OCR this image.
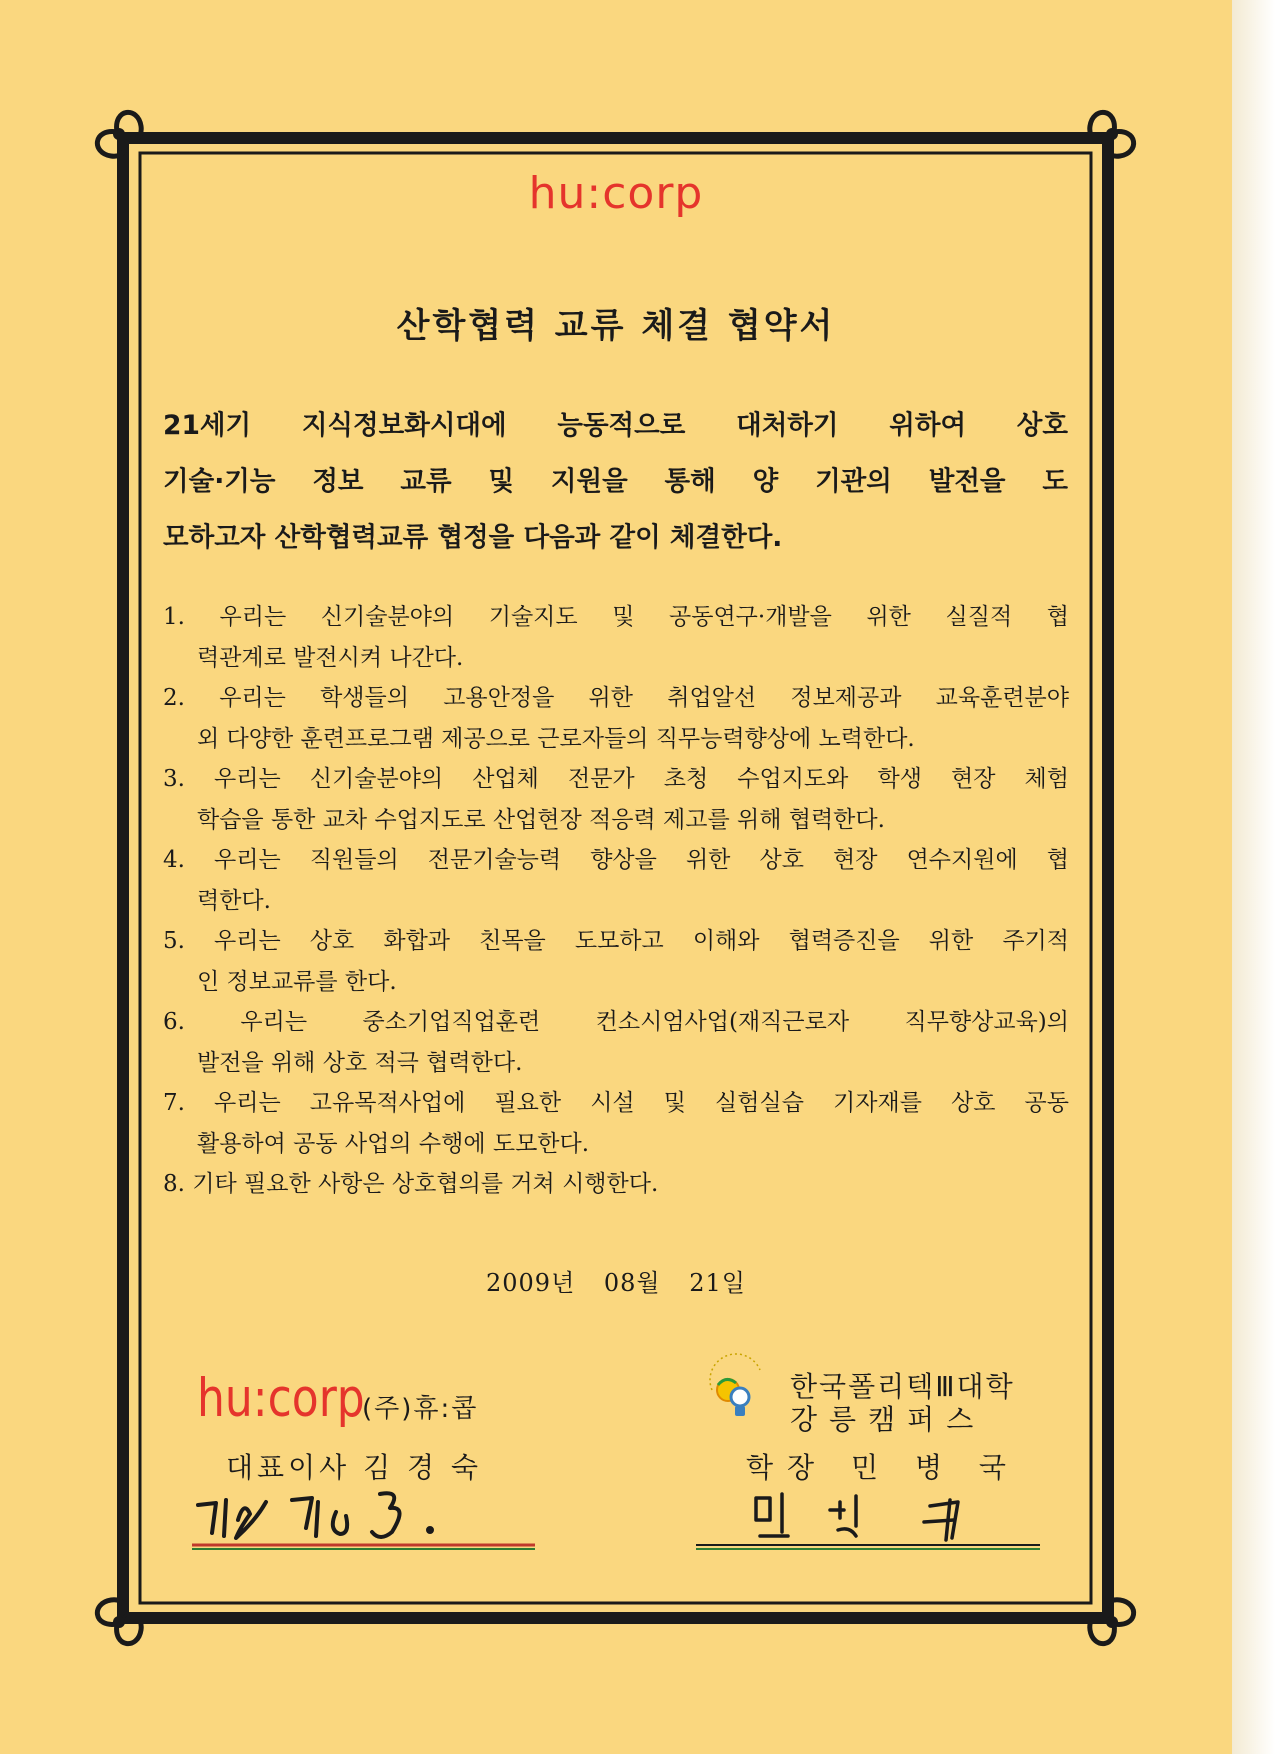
hu:corp
산학협력 교류 체결 협약서
21세기 지식정보화시대에 능동적으로 대처하기 위하여 상호
기술·기능 정보 교류 및 지원을 통해 양 기관의 발전을 도
모하고자 산학협력교류 협정을 다음과 같이 체결한다.
1. 우리는 신기술분야의 기술지도 및 공동연구·개발을 위한 실질적 협
력관계로 발전시켜 나간다.
2. 우리는 학생들의 고용안정을 위한 취업알선 정보제공과 교육훈련분야
외 다양한 훈련프로그램 제공으로 근로자들의 직무능력향상에 노력한다.
3. 우리는 신기술분야의 산업체 전문가 초청 수업지도와 학생 현장 체험
학습을 통한 교차 수업지도로 산업현장 적응력 제고를 위해 협력한다.
4. 우리는 직원들의 전문기술능력 향상을 위한 상호 현장 연수지원에 협
력한다.
5. 우리는 상호 화합과 친목을 도모하고 이해와 협력증진을 위한 주기적
인 정보교류를 한다.
6. 우리는 중소기업직업훈련 컨소시엄사업(재직근로자 직무향상교육)의
발전을 위해 상호 적극 협력한다.
7. 우리는 고유목적사업에 필요한 시설 및 실험실습 기자재를 상호 공동
활용하여 공동 사업의 수행에 도모한다.
8. 기타 필요한 사항은 상호협의를 거쳐 시행한다.
2009년 08월 21일
hu:corp
(주)휴:콥
대표이사 김 경 숙
한국폴리텍Ⅲ대학
강릉캠퍼스
학장 민 병 국
